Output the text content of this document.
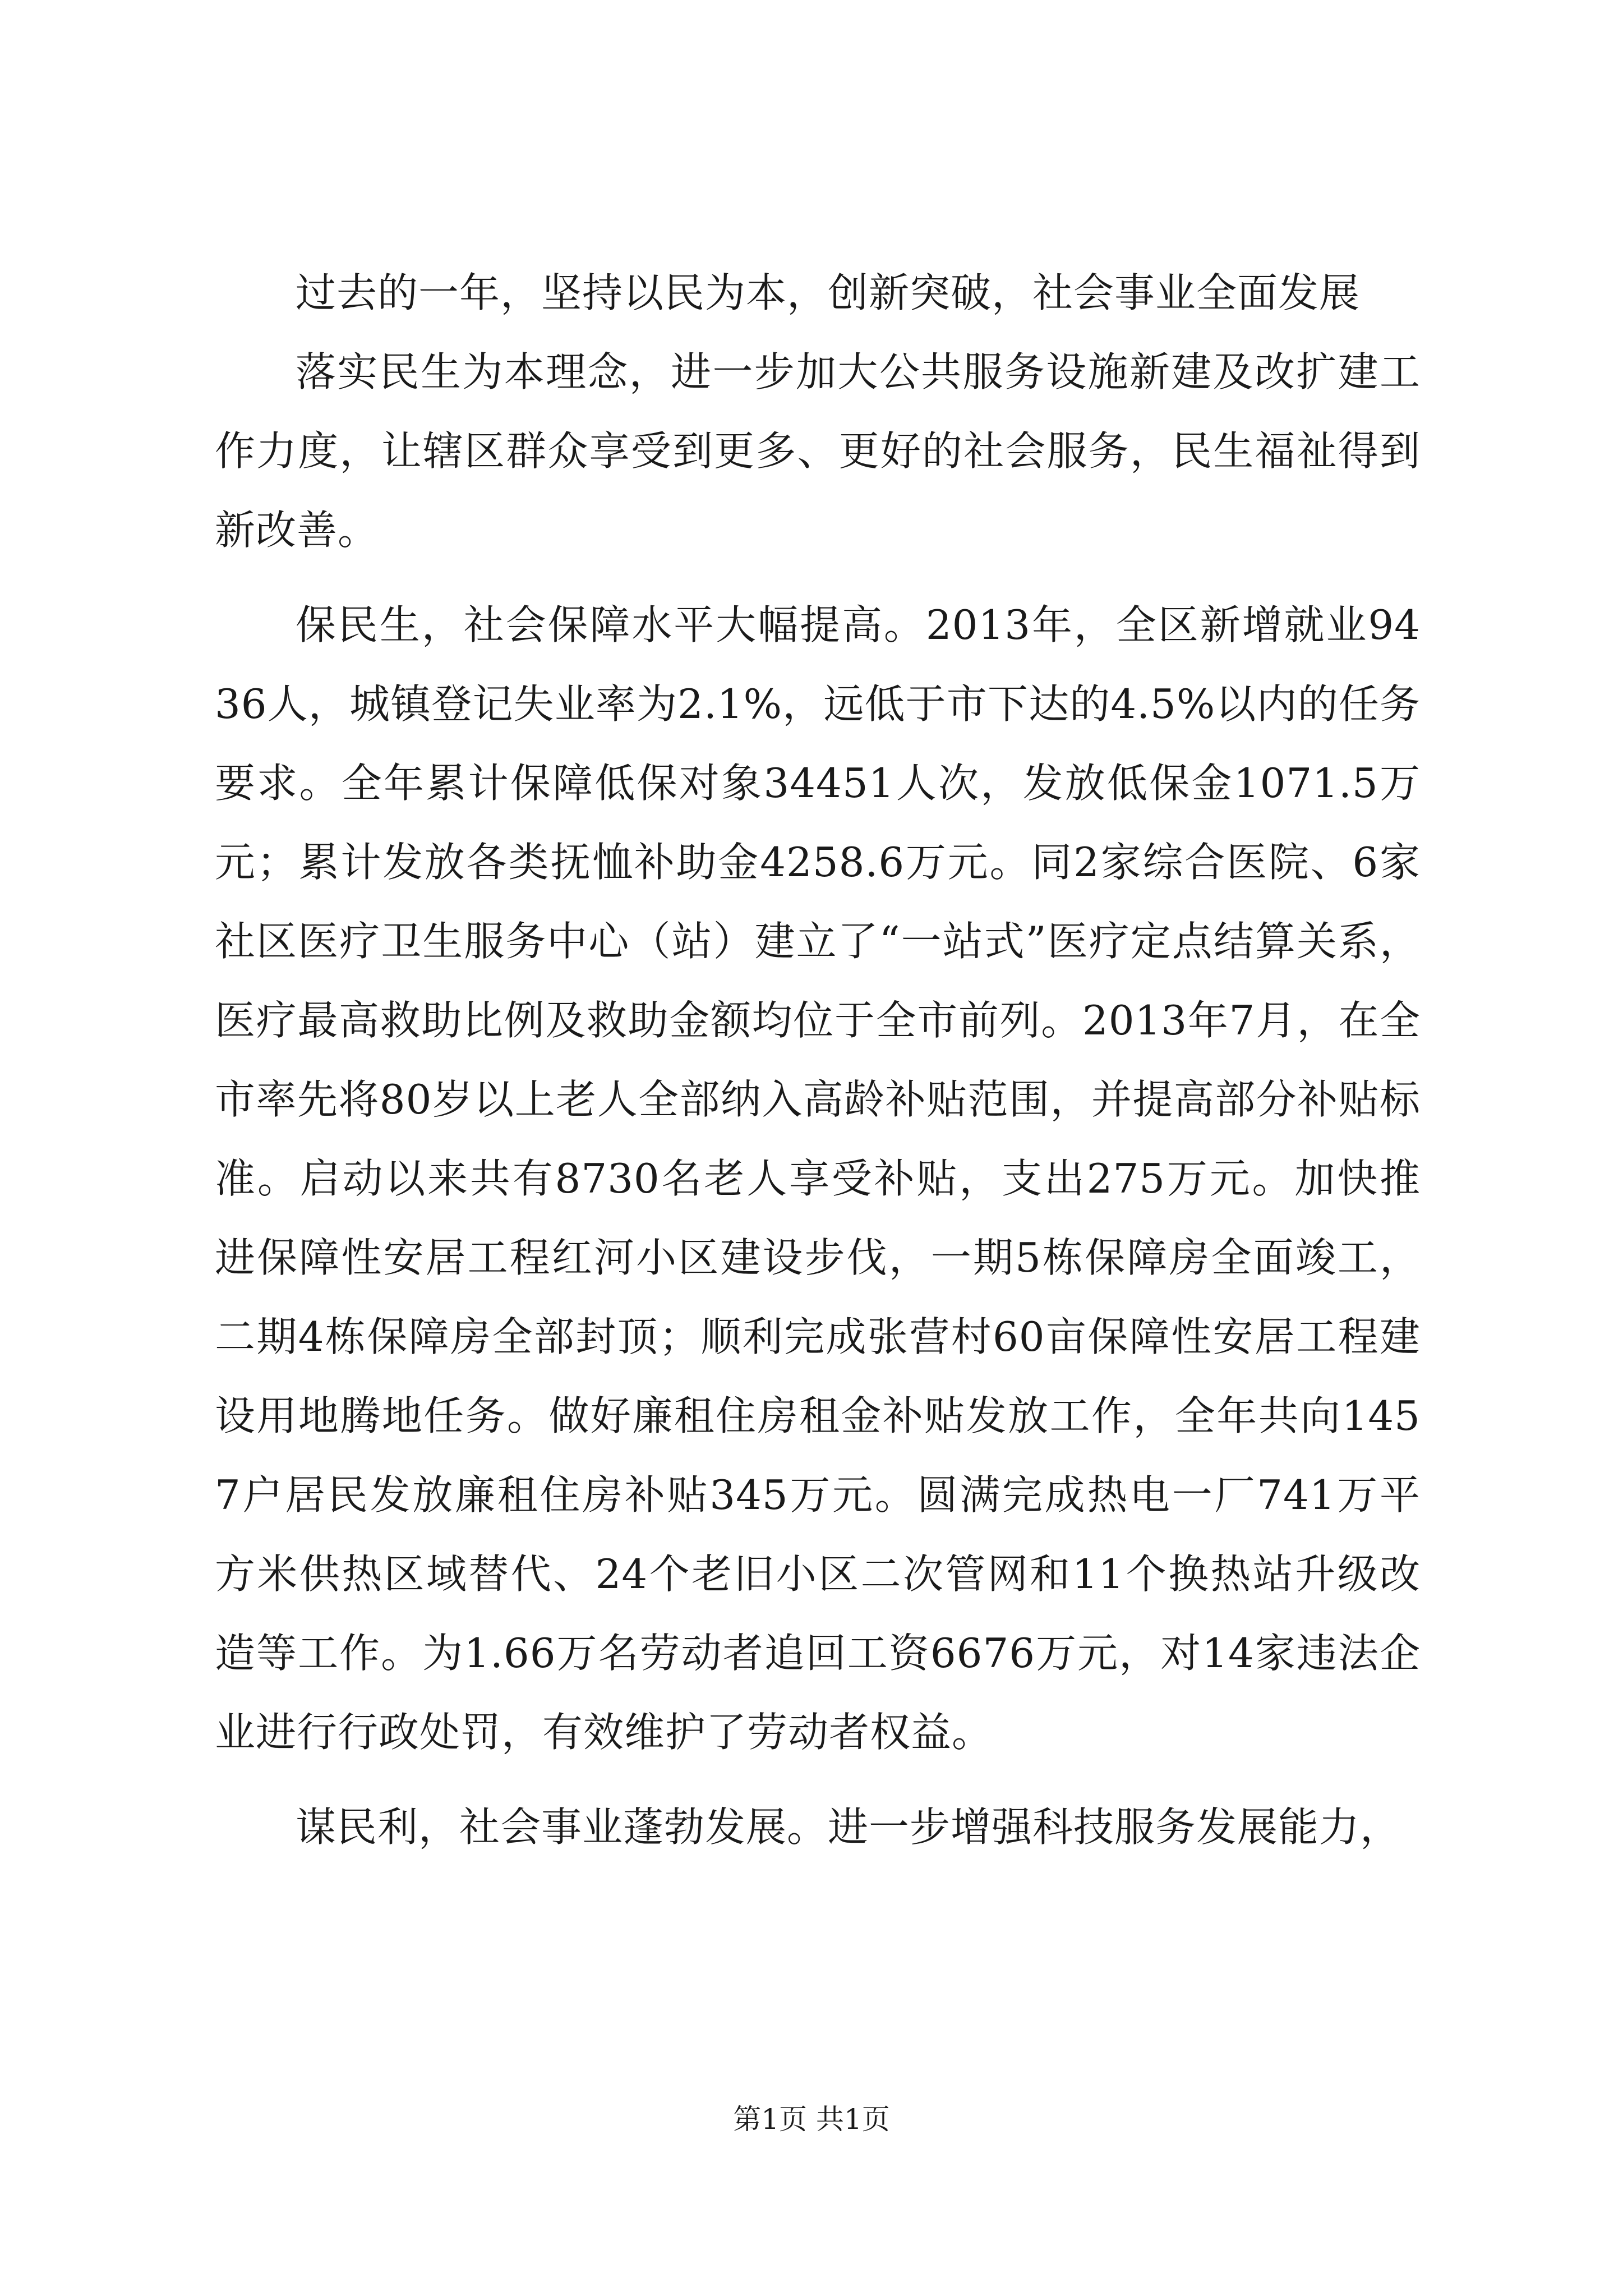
过去的一年，坚持以民为本，创新突破，社会事业全面发展

落实民生为本理念，进一步加大公共服务设施新建及改扩建工作力度，让辖区群众享受到更多、更好的社会服务，民生福祉得到新改善。

保民生，社会保障水平大幅提高。2013年，全区新增就业9436人，城镇登记失业率为2.1%，远低于市下达的4.5%以内的任务要求。全年累计保障低保对象34451人次，发放低保金1071.5万元；累计发放各类抚恤补助金4258.6万元。同2家综合医院、6家社区医疗卫生服务中心（站）建立了“一站式”医疗定点结算关系，医疗最高救助比例及救助金额均位于全市前列。2013年7月，在全市率先将80岁以上老人全部纳入高龄补贴范围，并提高部分补贴标准。启动以来共有8730名老人享受补贴，支出275万元。加快推进保障性安居工程红河小区建设步伐，一期5栋保障房全面竣工，二期4栋保障房全部封顶；顺利完成张营村60亩保障性安居工程建设用地腾地任务。做好廉租住房租金补贴发放工作，全年共向1457户居民发放廉租住房补贴345万元。圆满完成热电一厂741万平方米供热区域替代、24个老旧小区二次管网和11个换热站升级改造等工作。为1.66万名劳动者追回工资6676万元，对14家违法企业进行行政处罚，有效维护了劳动者权益。

谋民利，社会事业蓬勃发展。进一步增强科技服务发展能力，

第1页 共1页
